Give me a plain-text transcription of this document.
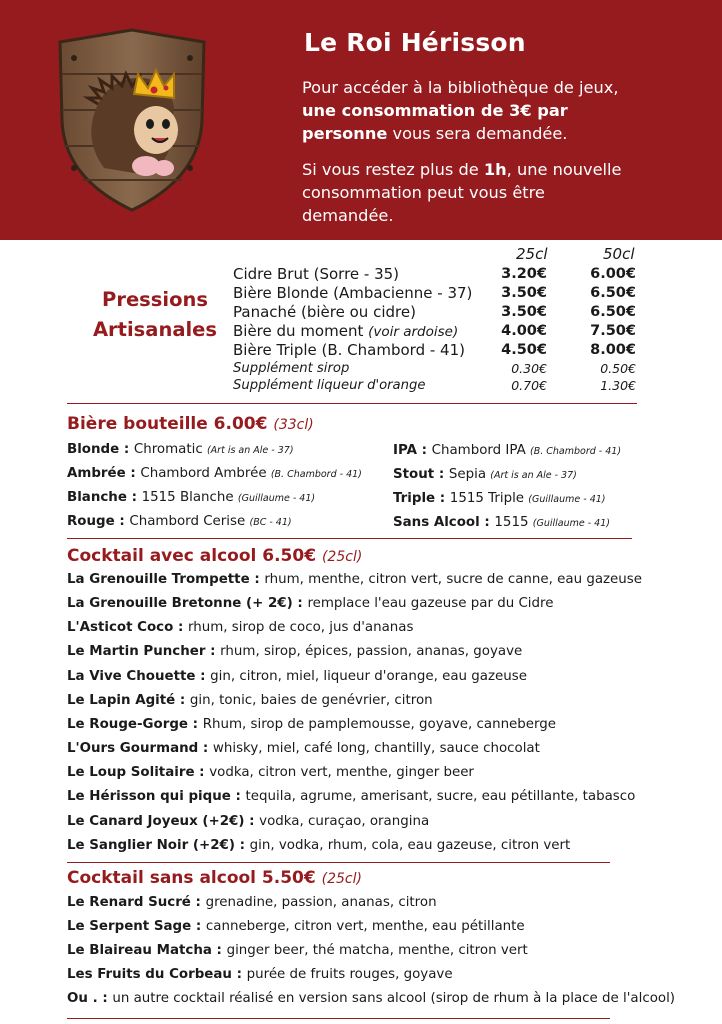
Le Roi Hérisson
Pour accéder à la bibliothèque de jeux, une consommation de 3€ par personne vous sera demandée.
Si vous restez plus de 1h, une nouvelle consommation peut vous être demandée.
Pressions
Artisanales
25cl	50cl
Cidre Brut (Sorre - 35)	3.20€	6.00€
Bière Blonde (Ambacienne - 37) 3.50€	6.50€
Panaché (bière ou cidre)	3.50€	6.50€
Bière du moment (voir ardoise)	4.00€	7.50€
Bière Triple (B. Chambord - 41) 4.50€	8.00€
Supplément sirop	0.30€	0.50€
Supplément liqueur d'orange	0.70€	1.30€
Bière bouteille 6.00€ (33cl)
Blonde : Chromatic (Art is an Ale - 37)
Ambrée : Chambord Ambrée (B. Chambord - 41)
Blanche : 1515 Blanche (Guillaume - 41)
Rouge : Chambord Cerise (BC - 41)
IPA : Chambord IPA (B. Chambord - 41)
Stout : Sepia (Art is an Ale - 37)
Triple : 1515 Triple (Guillaume - 41)
Sans Alcool : 1515 (Guillaume - 41)
Cocktail avec alcool 6.50€ (25cl)
La Grenouille Trompette : rhum, menthe, citron vert, sucre de canne, eau gazeuse
La Grenouille Bretonne (+ 2€) : remplace l'eau gazeuse par du Cidre
L'Asticot Coco : rhum, sirop de coco, jus d'ananas
Le Martin Puncher : rhum, sirop, épices, passion, ananas, goyave
La Vive Chouette : gin, citron, miel, liqueur d'orange, eau gazeuse
Le Lapin Agité : gin, tonic, baies de genévrier, citron
Le Rouge-Gorge : Rhum, sirop de pamplemousse, goyave, canneberge
L'Ours Gourmand : whisky, miel, café long, chantilly, sauce chocolat
Le Loup Solitaire : vodka, citron vert, menthe, ginger beer
Le Hérisson qui pique : tequila, agrume, amerisant, sucre, eau pétillante, tabasco
Le Canard Joyeux (+2€) : vodka, curaçao, orangina
Le Sanglier Noir (+2€) : gin, vodka, rhum, cola, eau gazeuse, citron vert
Cocktail sans alcool 5.50€ (25cl)
Le Renard Sucré : grenadine, passion, ananas, citron
Le Serpent Sage : canneberge, citron vert, menthe, eau pétillante
Le Blaireau Matcha : ginger beer, thé matcha, menthe, citron vert
Les Fruits du Corbeau : purée de fruits rouges, goyave
Ou . : un autre cocktail réalisé en version sans alcool (sirop de rhum à la place de l'alcool)
